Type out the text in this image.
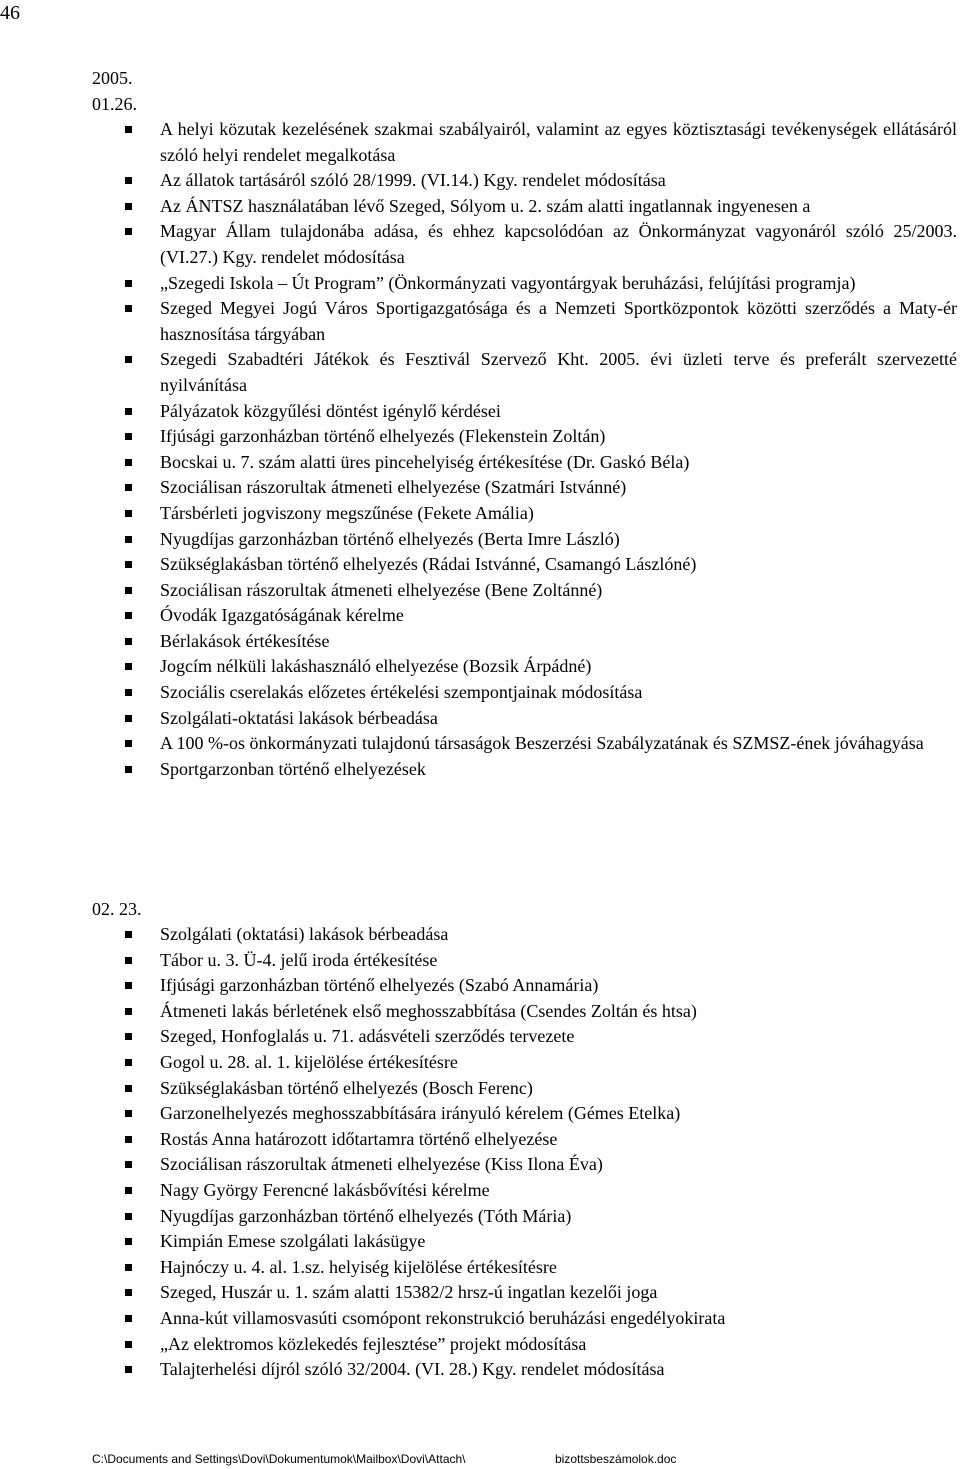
46
2005.
01.26.
A helyi közutak kezelésének szakmai szabályairól, valamint az egyes köztisztasági tevékenységek ellátásáról szóló helyi rendelet megalkotása
Az állatok tartásáról szóló 28/1999. (VI.14.) Kgy. rendelet módosítása
Az ÁNTSZ használatában lévő Szeged, Sólyom u. 2. szám alatti ingatlannak ingyenesen a
Magyar Állam tulajdonába adása, és ehhez kapcsolódóan az Önkormányzat vagyonáról szóló 25/2003. (VI.27.) Kgy. rendelet módosítása
„Szegedi Iskola – Út Program” (Önkormányzati vagyontárgyak beruházási, felújítási programja)
Szeged Megyei Jogú Város Sportigazgatósága és a Nemzeti Sportközpontok közötti szerződés a Maty-ér hasznosítása tárgyában
Szegedi Szabadtéri Játékok és Fesztivál Szervező Kht. 2005. évi üzleti terve és preferált szervezetté nyilvánítása
Pályázatok közgyűlési döntést igénylő kérdései
Ifjúsági garzonházban történő elhelyezés (Flekenstein Zoltán)
Bocskai u. 7. szám alatti üres pincehelyiség értékesítése (Dr. Gaskó Béla)
Szociálisan rászorultak átmeneti elhelyezése (Szatmári Istvánné)
Társbérleti jogviszony megszűnése (Fekete Amália)
Nyugdíjas garzonházban történő elhelyezés (Berta Imre László)
Szükséglakásban történő elhelyezés (Rádai Istvánné, Csamangó Lászlóné)
Szociálisan rászorultak átmeneti elhelyezése (Bene Zoltánné)
Óvodák Igazgatóságának kérelme
Bérlakások értékesítése
Jogcím nélküli lakáshasználó elhelyezése (Bozsik Árpádné)
Szociális cserelakás előzetes értékelési szempontjainak módosítása
Szolgálati-oktatási lakások bérbeadása
A 100 %-os önkormányzati tulajdonú társaságok Beszerzési Szabályzatának és SZMSZ-ének jóváhagyása
Sportgarzonban történő elhelyezések
02. 23.
Szolgálati (oktatási) lakások bérbeadása
Tábor u. 3. Ü-4. jelű iroda értékesítése
Ifjúsági garzonházban történő elhelyezés (Szabó Annamária)
Átmeneti lakás bérletének első meghosszabbítása (Csendes Zoltán és htsa)
Szeged, Honfoglalás u. 71. adásvételi szerződés tervezete
Gogol u. 28. al. 1. kijelölése értékesítésre
Szükséglakásban történő elhelyezés (Bosch Ferenc)
Garzonelhelyezés meghosszabbítására irányuló kérelem (Gémes Etelka)
Rostás Anna határozott időtartamra történő elhelyezése
Szociálisan rászorultak átmeneti elhelyezése (Kiss Ilona Éva)
Nagy György Ferencné lakásbővítési kérelme
Nyugdíjas garzonházban történő elhelyezés (Tóth Mária)
Kimpián Emese szolgálati lakásügye
Hajnóczy u. 4. al. 1.sz. helyiség kijelölése értékesítésre
Szeged, Huszár u. 1. szám alatti 15382/2 hrsz-ú ingatlan kezelői joga
Anna-kút villamosvasúti csomópont rekonstrukció beruházási engedélyokirata
„Az elektromos közlekedés fejlesztése” projekt módosítása
Talajterhelési díjról szóló 32/2004. (VI. 28.) Kgy. rendelet módosítása
C:\Documents and Settings\Dovi\Dokumentumok\Mailbox\Dovi\Attach\	bizottsbeszámolok.doc
